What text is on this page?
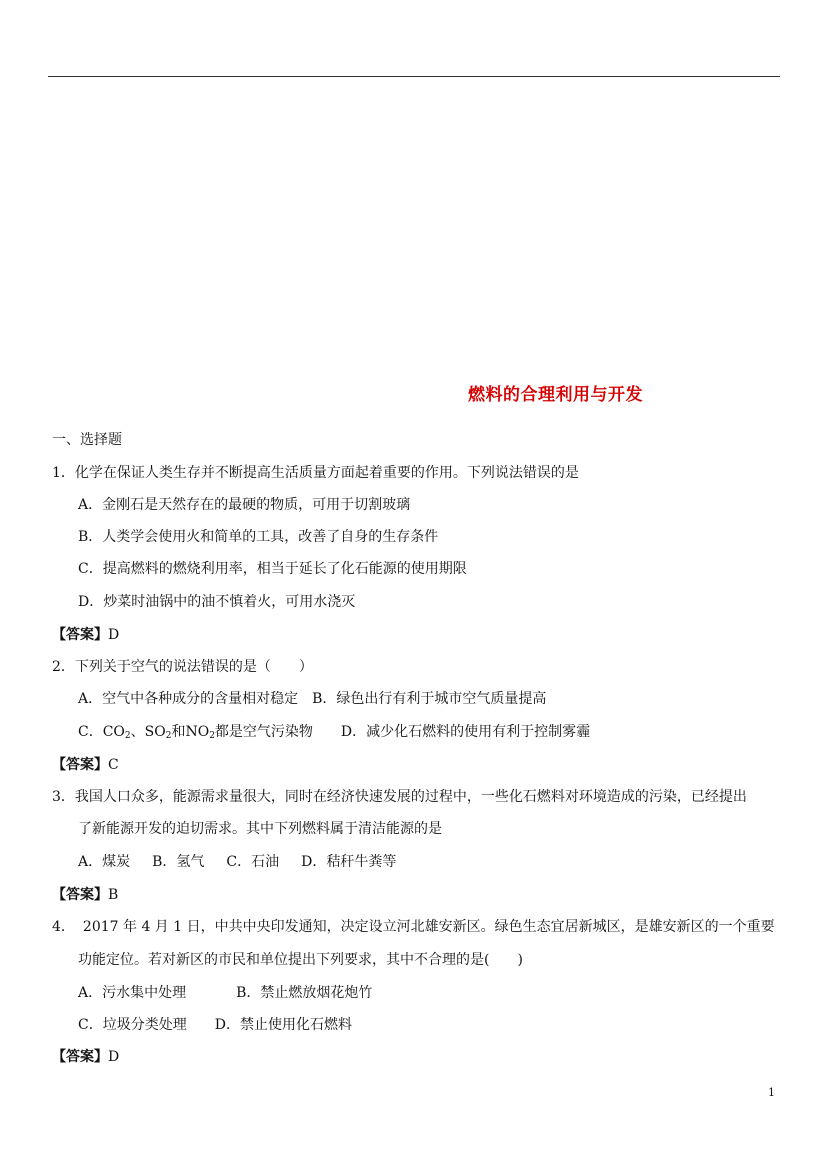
燃料的合理利用与开发
一、选择题
1．化学在保证人类生存并不断提高生活质量方面起着重要的作用。下列说法错误的是
A．金刚石是天然存在的最硬的物质，可用于切割玻璃
B．人类学会使用火和简单的工具，改善了自身的生存条件
C．提高燃料的燃烧利用率，相当于延长了化石能源的使用期限
D．炒菜时油锅中的油不慎着火，可用水浇灭
【答案】D
2．下列关于空气的说法错误的是（　　）
A．空气中各种成分的含量相对稳定 B．绿色出行有利于城市空气质量提高
C．$CO_2$、$SO_2$和$NO_2$都是空气污染物 D．减少化石燃料的使用有利于控制雾霾
【答案】C
3．我国人口众多，能源需求量很大，同时在经济快速发展的过程中，一些化石燃料对环境造成的污染，已经提出
了新能源开发的迫切需求。其中下列燃料属于清洁能源的是
A．煤炭 B．氢气 C．石油 D．秸秆牛粪等
【答案】B
4． 2017 年 4 月 1 日，中共中央印发通知，决定设立河北雄安新区。绿色生态宜居新城区，是雄安新区的一个重要
功能定位。若对新区的市民和单位提出下列要求，其中不合理的是(　　)
A．污水集中处理	B．禁止燃放烟花炮竹
C．垃圾分类处理 D．禁止使用化石燃料
【答案】D
1
